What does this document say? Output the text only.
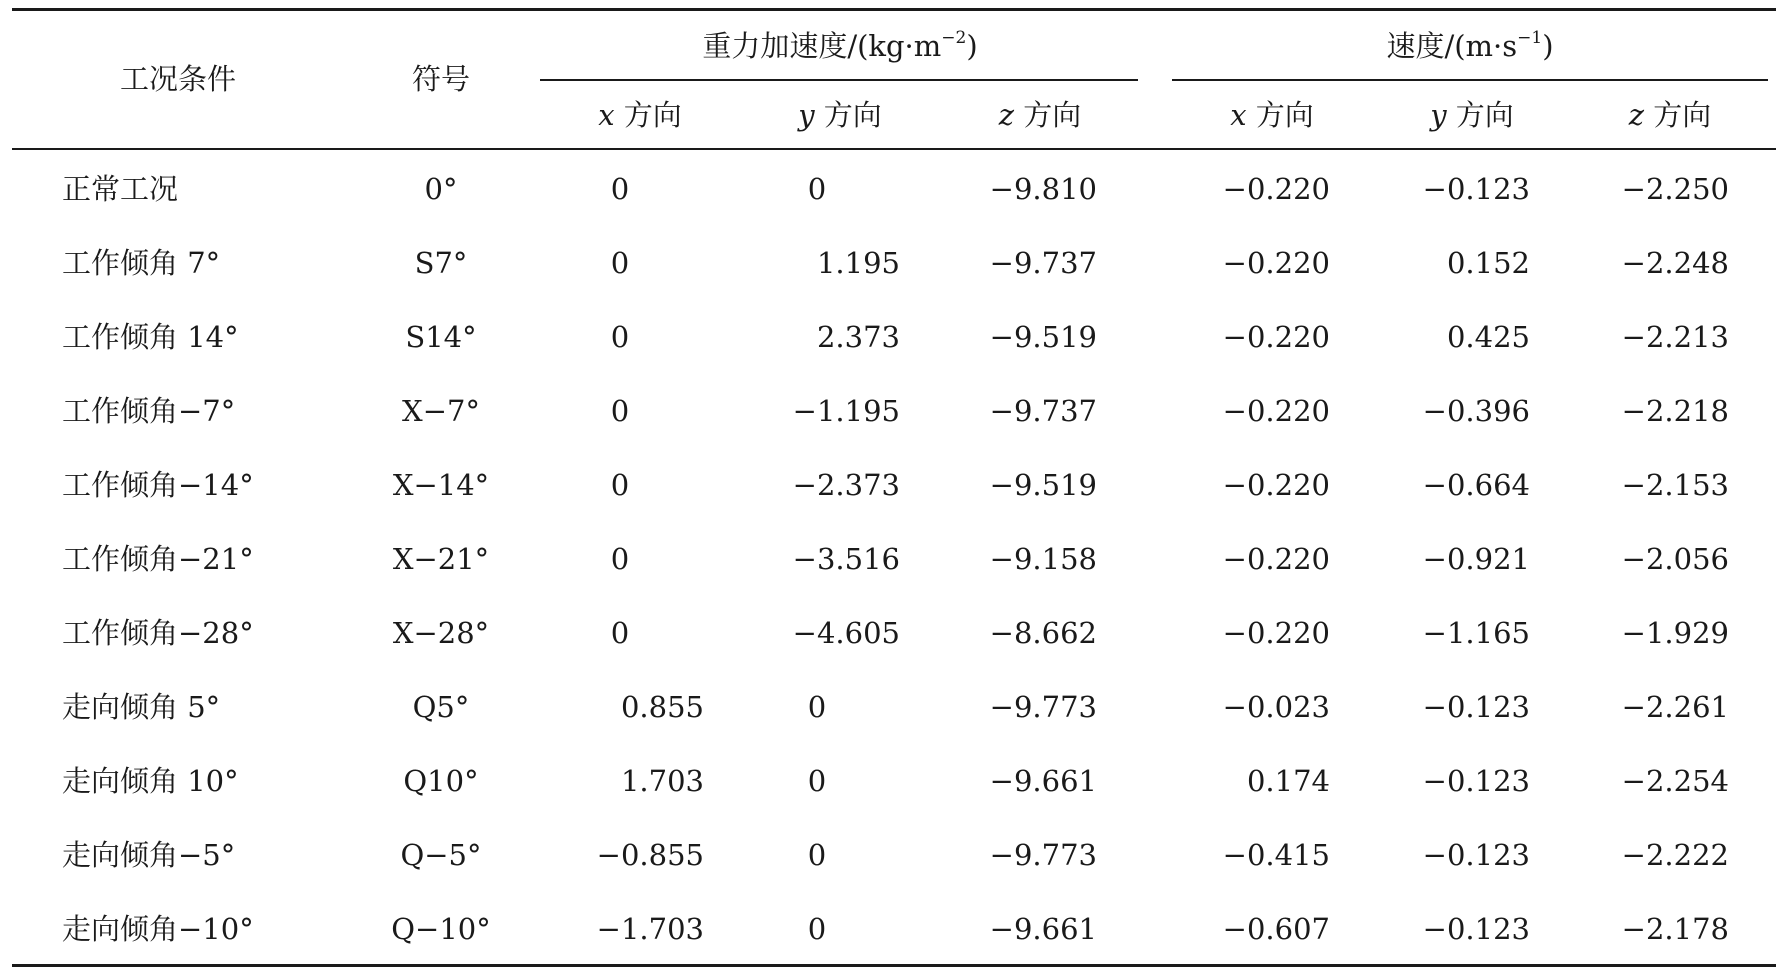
工况条件	符号
重力加速度$/(kg\cdot m^{-2})$	速度$/(m\cdot s^{-1})$
x 方向	y 方向	z 方向	x 方向	y 方向	z 方向
正常工况	0°	0	0	−9.810	−0.220	−0.123	−2.250
工作倾角 7°	S7°	0	1.195	−9.737	−0.220	0.152	−2.248
工作倾角 14°	S14°	0	2.373	−9.519	−0.220	0.425	−2.213
工作倾角−7°	X−7°	0	−1.195	−9.737	−0.220	−0.396	−2.218
工作倾角−14°	X−14°	0	−2.373	−9.519	−0.220	−0.664	−2.153
工作倾角−21°	X−21°	0	−3.516	−9.158	−0.220	−0.921	−2.056
工作倾角−28°	X−28°	0	−4.605	−8.662	−0.220	−1.165	−1.929
走向倾角 5°	Q5°	0.855	0	−9.773	−0.023	−0.123	−2.261
走向倾角 10°	Q10°	1.703	0	−9.661	0.174	−0.123	−2.254
走向倾角−5°	Q−5°	−0.855	0	−9.773	−0.415	−0.123	−2.222
走向倾角−10°	Q−10°	−1.703	0	−9.661	−0.607	−0.123	−2.178
